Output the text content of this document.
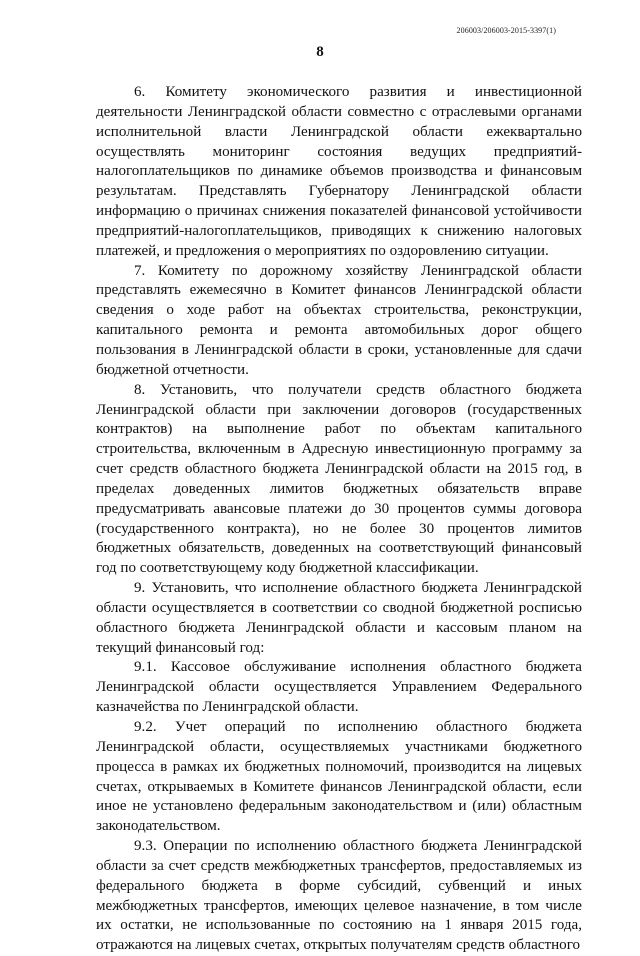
206003/206003-2015-3397(1)
8

6. Комитету экономического развития и инвестиционной деятельности Ленинградской области совместно с отраслевыми органами исполнительной власти Ленинградской области ежеквартально осуществлять мониторинг состояния ведущих предприятий-налогоплательщиков по динамике объемов производства и финансовым результатам. Представлять Губернатору Ленинградской области информацию о причинах снижения показателей финансовой устойчивости предприятий-налогоплательщиков, приводящих к снижению налоговых платежей, и предложения о мероприятиях по оздоровлению ситуации.

7. Комитету по дорожному хозяйству Ленинградской области представлять ежемесячно в Комитет финансов Ленинградской области сведения о ходе работ на объектах строительства, реконструкции, капитального ремонта и ремонта автомобильных дорог общего пользования в Ленинградской области в сроки, установленные для сдачи бюджетной отчетности.

8. Установить, что получатели средств областного бюджета Ленинградской области при заключении договоров (государственных контрактов) на выполнение работ по объектам капитального строительства, включенным в Адресную инвестиционную программу за счет средств областного бюджета Ленинградской области на 2015 год, в пределах доведенных лимитов бюджетных обязательств вправе предусматривать авансовые платежи до 30 процентов суммы договора (государственного контракта), но не более 30 процентов лимитов бюджетных обязательств, доведенных на соответствующий финансовый год по соответствующему коду бюджетной классификации.

9. Установить, что исполнение областного бюджета Ленинградской области осуществляется в соответствии со сводной бюджетной росписью областного бюджета Ленинградской области и кассовым планом на текущий финансовый год:

9.1. Кассовое обслуживание исполнения областного бюджета Ленинградской области осуществляется Управлением Федерального казначейства по Ленинградской области.

9.2. Учет операций по исполнению областного бюджета Ленинградской области, осуществляемых участниками бюджетного процесса в рамках их бюджетных полномочий, производится на лицевых счетах, открываемых в Комитете финансов Ленинградской области, если иное не установлено федеральным законодательством и (или) областным законодательством.

9.3. Операции по исполнению областного бюджета Ленинградской области за счет средств межбюджетных трансфертов, предоставляемых из федерального бюджета в форме субсидий, субвенций и иных межбюджетных трансфертов, имеющих целевое назначение, в том числе их остатки, не использованные по состоянию на 1 января 2015 года, отражаются на лицевых счетах, открытых получателям средств областного
